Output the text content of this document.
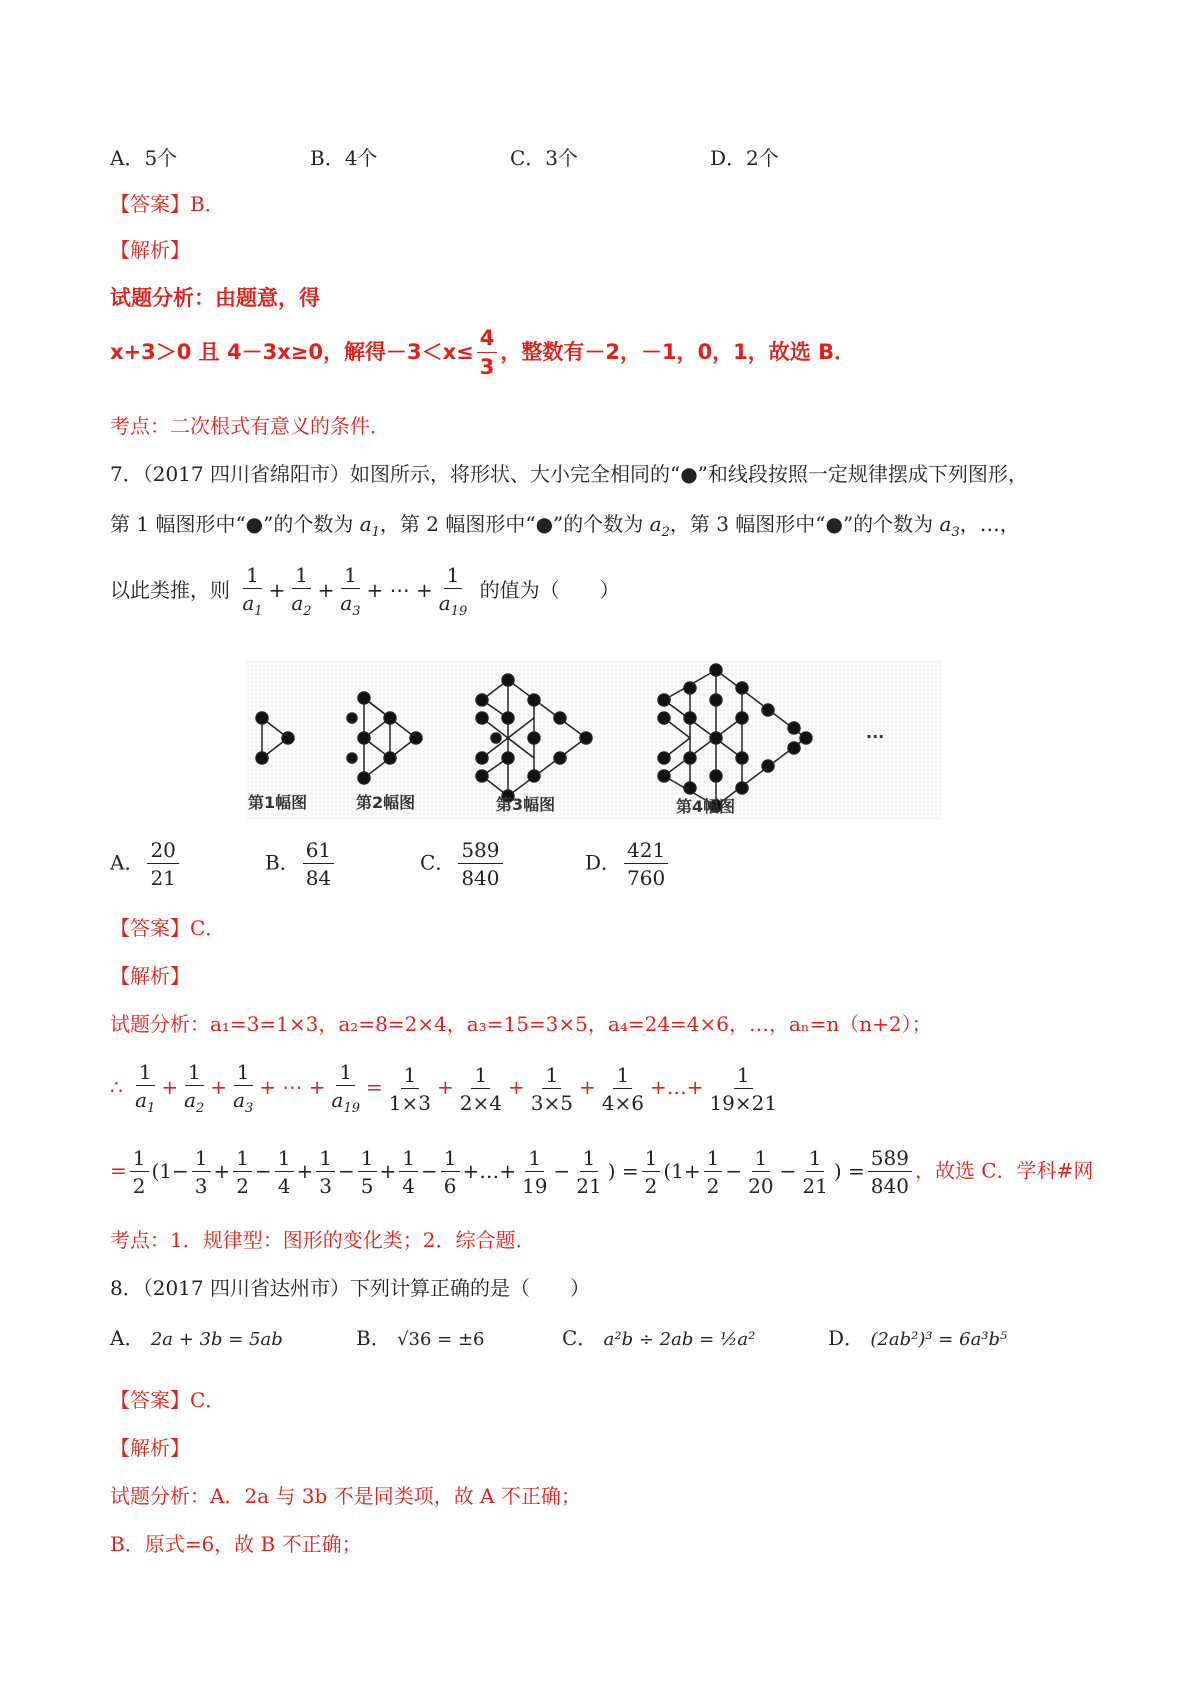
A．5个	B．4个	C．3个	D．2个
【答案】B．
【解析】
试题分析：由题意，得
x+3＞0 且 4－3x≥0，解得$-3<x\le \frac{4}{3}$ ，整数有－2，－1，0，1，故选 B．
考点：二次根式有意义的条件．
7．（2017 四川省绵阳市）如图所示，将形状、大小完全相同的“●”和线段按照一定规律摆成下列图形，
第 1 幅图形中“●”的个数为 $a_1$，第 2 幅图形中“●”的个数为 $a_2$，第 3 幅图形中“●”的个数为 $a_3$，…，
以此类推，则 $\frac{1}{a_1} + \frac{1}{a_2} + \frac{1}{a_3}$ + ⋯ + $\frac{1}{a_{19}}$ 的值为（　　）
···
第1幅图	第2幅图	第3幅图	第4幅图
A． $\frac{20}{21}$	B． $\frac{61}{84}$	C． $\frac{589}{840}$	D． $\frac{421}{760}$
【答案】C．
【解析】
试题分析：a₁=3=1×3，a₂=8=2×4，a₃=15=3×5，a₄=24=4×6，…，aₙ=n（n+2）；
∴ $\frac{1}{a_1} + \frac{1}{a_2} + \frac{1}{a_3}$ + ⋯ + $\frac{1}{a_{19}} = \frac{1}{1\times 3} + \frac{1}{2\times 4} + \frac{1}{3\times 5} + \frac{1}{4\times 6}$ +…+ $\frac{1}{19\times 21}$
= $\frac{1}{2} (1- \frac{1}{3} + \frac{1}{2} - \frac{1}{4} + \frac{1}{3} - \frac{1}{5} + \frac{1}{4} - \frac{1}{6}$ +…+ $\frac{1}{19} - \frac{1}{21}$ ) = $\frac{1}{2} (1+ \frac{1}{2} - \frac{1}{20} - \frac{1}{21}$ ) = $\frac{589}{840}$ ，故选 C．学科#网
考点：1．规律型：图形的变化类；2．综合题．
8．（2017 四川省达州市）下列计算正确的是（　　）
A． 2a + 3b = 5ab	B． √36 = ±6	C． a²b ÷ 2ab = ½a²	D． (2ab²)³ = 6a³b⁵
【答案】C．
【解析】
试题分析：A．2a 与 3b 不是同类项，故 A 不正确；
B．原式=6，故 B 不正确；
